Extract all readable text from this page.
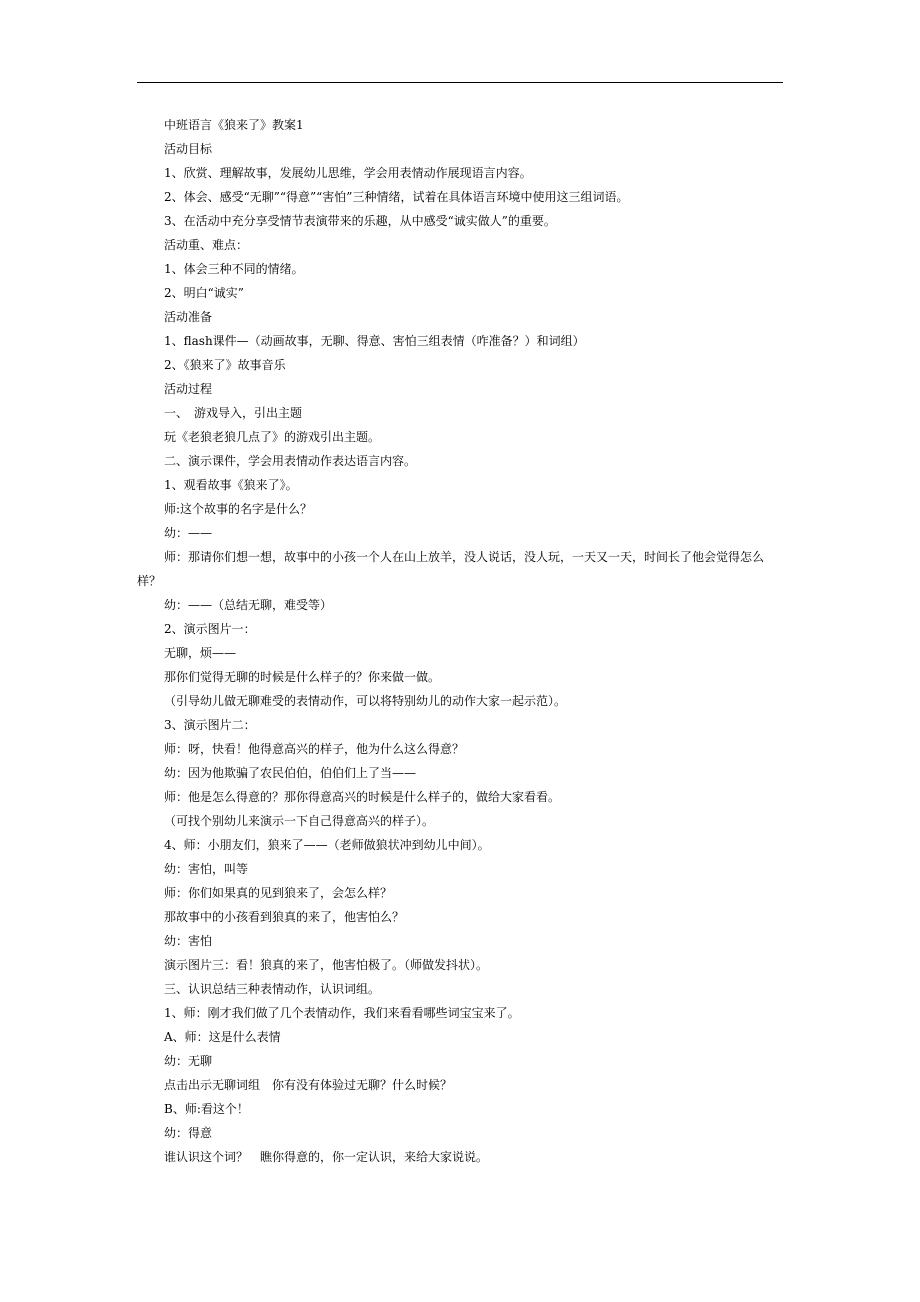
中班语言《狼来了》教案1
活动目标
1、欣赏、理解故事，发展幼儿思维，学会用表情动作展现语言内容。
2、体会、感受“无聊”“得意”“害怕”三种情绪，试着在具体语言环境中使用这三组词语。
3、在活动中充分享受情节表演带来的乐趣，从中感受“诚实做人”的重要。
活动重、难点：
1、体会三种不同的情绪。
2、明白“诚实”
活动准备
1、flash课件—（动画故事，无聊、得意、害怕三组表情（咋准备？）和词组）
2、《狼来了》故事音乐
活动过程
一、　游戏导入，引出主题
玩《老狼老狼几点了》的游戏引出主题。
二、演示课件，学会用表情动作表达语言内容。
1、观看故事《狼来了》。
师:这个故事的名字是什么？
幼：——
师：那请你们想一想，故事中的小孩一个人在山上放羊，没人说话，没人玩，一天又一天，时间长了他会觉得怎么样？
幼：——（总结无聊，难受等）
2、演示图片一：
无聊，烦——
那你们觉得无聊的时候是什么样子的？你来做一做。
（引导幼儿做无聊难受的表情动作，可以将特别幼儿的动作大家一起示范）。
3、演示图片二：
师：呀，快看！他得意高兴的样子，他为什么这么得意？
幼：因为他欺骗了农民伯伯，伯伯们上了当——
师：他是怎么得意的？那你得意高兴的时候是什么样子的，做给大家看看。
（可找个别幼儿来演示一下自己得意高兴的样子）。
4、师：小朋友们，狼来了——（老师做狼状冲到幼儿中间）。
幼：害怕，叫等
师：你们如果真的见到狼来了，会怎么样？
那故事中的小孩看到狼真的来了，他害怕么？
幼：害怕
演示图片三：看！狼真的来了，他害怕极了。（师做发抖状）。
三、认识总结三种表情动作，认识词组。
1、师：刚才我们做了几个表情动作，我们来看看哪些词宝宝来了。
A、师：这是什么表情
幼：无聊
点击出示无聊词组　你有没有体验过无聊？什么时候？
B、师:看这个！
幼：得意
谁认识这个词？　瞧你得意的，你一定认识，来给大家说说。
